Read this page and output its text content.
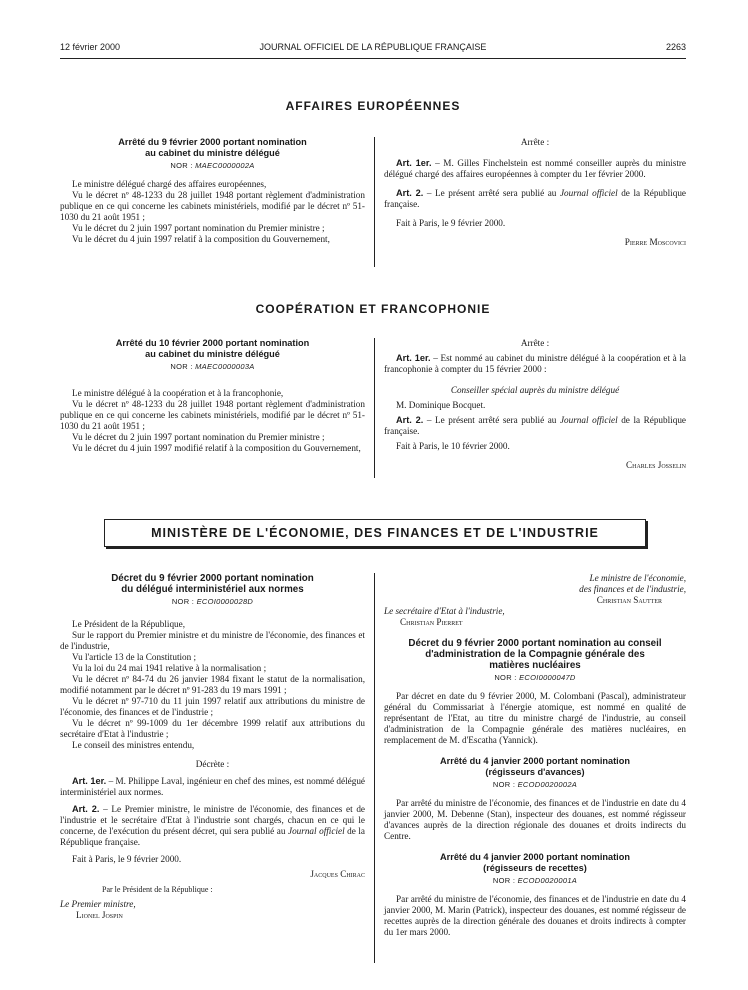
12 février 2000	JOURNAL OFFICIEL DE LA RÉPUBLIQUE FRANÇAISE	2263
AFFAIRES EUROPÉENNES
Arrêté du 9 février 2000 portant nomination
au cabinet du ministre délégué
NOR : MAEC0000002A

Le ministre délégué chargé des affaires européennes,

Vu le décret nº 48-1233 du 28 juillet 1948 portant règlement d'administration publique en ce qui concerne les cabinets ministériels, modifié par le décret nº 51-1030 du 21 août 1951 ;

Vu le décret du 2 juin 1997 portant nomination du Premier ministre ;

Vu le décret du 4 juin 1997 relatif à la composition du Gouvernement,

Arrête :

Art. 1er. – M. Gilles Finchelstein est nommé conseiller auprès du ministre délégué chargé des affaires européennes à compter du 1er février 2000.

Art. 2. – Le présent arrêté sera publié au Journal officiel de la République française.

Fait à Paris, le 9 février 2000.

Pierre Moscovici
COOPÉRATION ET FRANCOPHONIE
Arrêté du 10 février 2000 portant nomination
au cabinet du ministre délégué
NOR : MAEC0000003A

Le ministre délégué à la coopération et à la francophonie,

Vu le décret nº 48-1233 du 28 juillet 1948 portant règlement d'administration publique en ce qui concerne les cabinets ministériels, modifié par le décret nº 51-1030 du 21 août 1951 ;

Vu le décret du 2 juin 1997 portant nomination du Premier ministre ;

Vu le décret du 4 juin 1997 modifié relatif à la composition du Gouvernement,

Arrête :

Art. 1er. – Est nommé au cabinet du ministre délégué à la coopération et à la francophonie à compter du 15 février 2000 :

Conseiller spécial auprès du ministre délégué

M. Dominique Bocquet.

Art. 2. – Le présent arrêté sera publié au Journal officiel de la République française.

Fait à Paris, le 10 février 2000.

Charles Josselin
MINISTÈRE DE L'ÉCONOMIE, DES FINANCES ET DE L'INDUSTRIE
Décret du 9 février 2000 portant nomination
du délégué interministériel aux normes
NOR : ECOI0000028D

Le Président de la République,

Sur le rapport du Premier ministre et du ministre de l'économie, des finances et de l'industrie,

Vu l'article 13 de la Constitution ;

Vu la loi du 24 mai 1941 relative à la normalisation ;

Vu le décret nº 84-74 du 26 janvier 1984 fixant le statut de la normalisation, modifié notamment par le décret nº 91-283 du 19 mars 1991 ;

Vu le décret nº 97-710 du 11 juin 1997 relatif aux attributions du ministre de l'économie, des finances et de l'industrie ;

Vu le décret nº 99-1009 du 1er décembre 1999 relatif aux attributions du secrétaire d'Etat à l'industrie ;

Le conseil des ministres entendu,

Décrète :

Art. 1er. – M. Philippe Laval, ingénieur en chef des mines, est nommé délégué interministériel aux normes.

Art. 2. – Le Premier ministre, le ministre de l'économie, des finances et de l'industrie et le secrétaire d'Etat à l'industrie sont chargés, chacun en ce qui le concerne, de l'exécution du présent décret, qui sera publié au Journal officiel de la République française.

Fait à Paris, le 9 février 2000.

Jacques Chirac
Par le Président de la République :
Le Premier ministre,
Lionel Jospin
Le ministre de l'économie,
des finances et de l'industrie,
Christian Sautter
Le secrétaire d'Etat à l'industrie,
Christian Pierret
Décret du 9 février 2000 portant nomination au conseil
d'administration de la Compagnie générale des
matières nucléaires
NOR : ECOI0000047D

Par décret en date du 9 février 2000, M. Colombani (Pascal), administrateur général du Commissariat à l'énergie atomique, est nommé en qualité de représentant de l'Etat, au titre du ministre chargé de l'industrie, au conseil d'administration de la Compagnie générale des matières nucléaires, en remplacement de M. d'Escatha (Yannick).

Arrêté du 4 janvier 2000 portant nomination
(régisseurs d'avances)
NOR : ECOD0020002A

Par arrêté du ministre de l'économie, des finances et de l'industrie en date du 4 janvier 2000, M. Debenne (Stan), inspecteur des douanes, est nommé régisseur d'avances auprès de la direction régionale des douanes et droits indirects du Centre.

Arrêté du 4 janvier 2000 portant nomination
(régisseurs de recettes)
NOR : ECOD0020001A

Par arrêté du ministre de l'économie, des finances et de l'industrie en date du 4 janvier 2000, M. Marin (Patrick), inspecteur des douanes, est nommé régisseur de recettes auprès de la direction générale des douanes et droits indirects à compter du 1er mars 2000.
